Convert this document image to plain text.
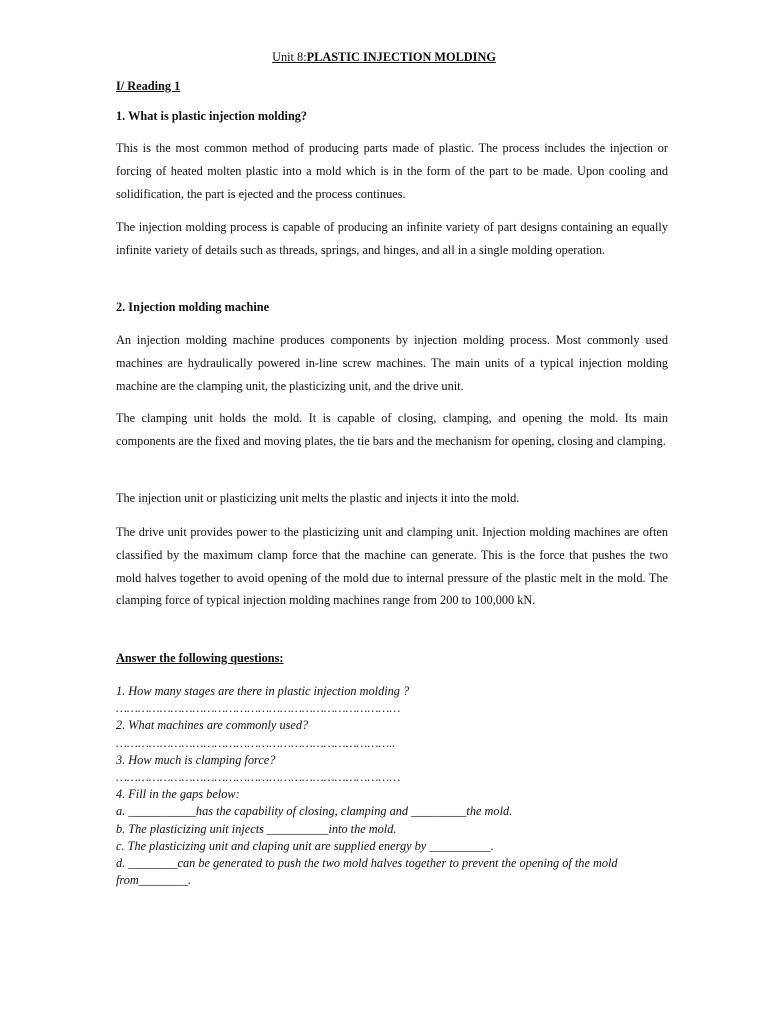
Unit 8:PLASTIC INJECTION MOLDING
I/ Reading 1
1. What is plastic injection molding?
This is the most common method of producing parts made of plastic. The process includes the injection or forcing of heated molten plastic into a mold which is in the form of the part to be made. Upon cooling and solidification, the part is ejected and the process continues.
The injection molding process is capable of producing an infinite variety of part designs containing an equally infinite variety of details such as threads, springs, and hinges, and all in a single molding operation.
2. Injection molding machine
An injection molding machine produces components by injection molding process. Most commonly used machines are hydraulically powered in-line screw machines. The main units of a typical injection molding machine are the clamping unit, the plasticizing unit, and the drive unit.
The clamping unit holds the mold. It is capable of closing, clamping, and opening the mold. Its main components are the fixed and moving plates, the tie bars and the mechanism for opening, closing and clamping.
The injection unit or plasticizing unit melts the plastic and injects it into the mold.
The drive unit provides power to the plasticizing unit and clamping unit. Injection molding machines are often classified by the maximum clamp force that the machine can generate. This is the force that pushes the two mold halves together to avoid opening of the mold due to internal pressure of the plastic melt in the mold. The clamping force of typical injection molding machines range from 200 to 100,000 kN.
Answer the following questions:
1. How many stages are there in plastic injection molding ?
……………………………………………………………………
2. What machines are commonly used?
…………………………………………………………………..
3. How much is clamping force?
……………………………………………………………………
4. Fill in the gaps below:
a. ___________has the capability of closing, clamping and _________the mold.
b. The plasticizing unit injects __________into the mold.
c. The plasticizing unit and claping unit are supplied energy by __________.
d. ________can be generated to push the two mold halves together to prevent the opening of the mold from________.
